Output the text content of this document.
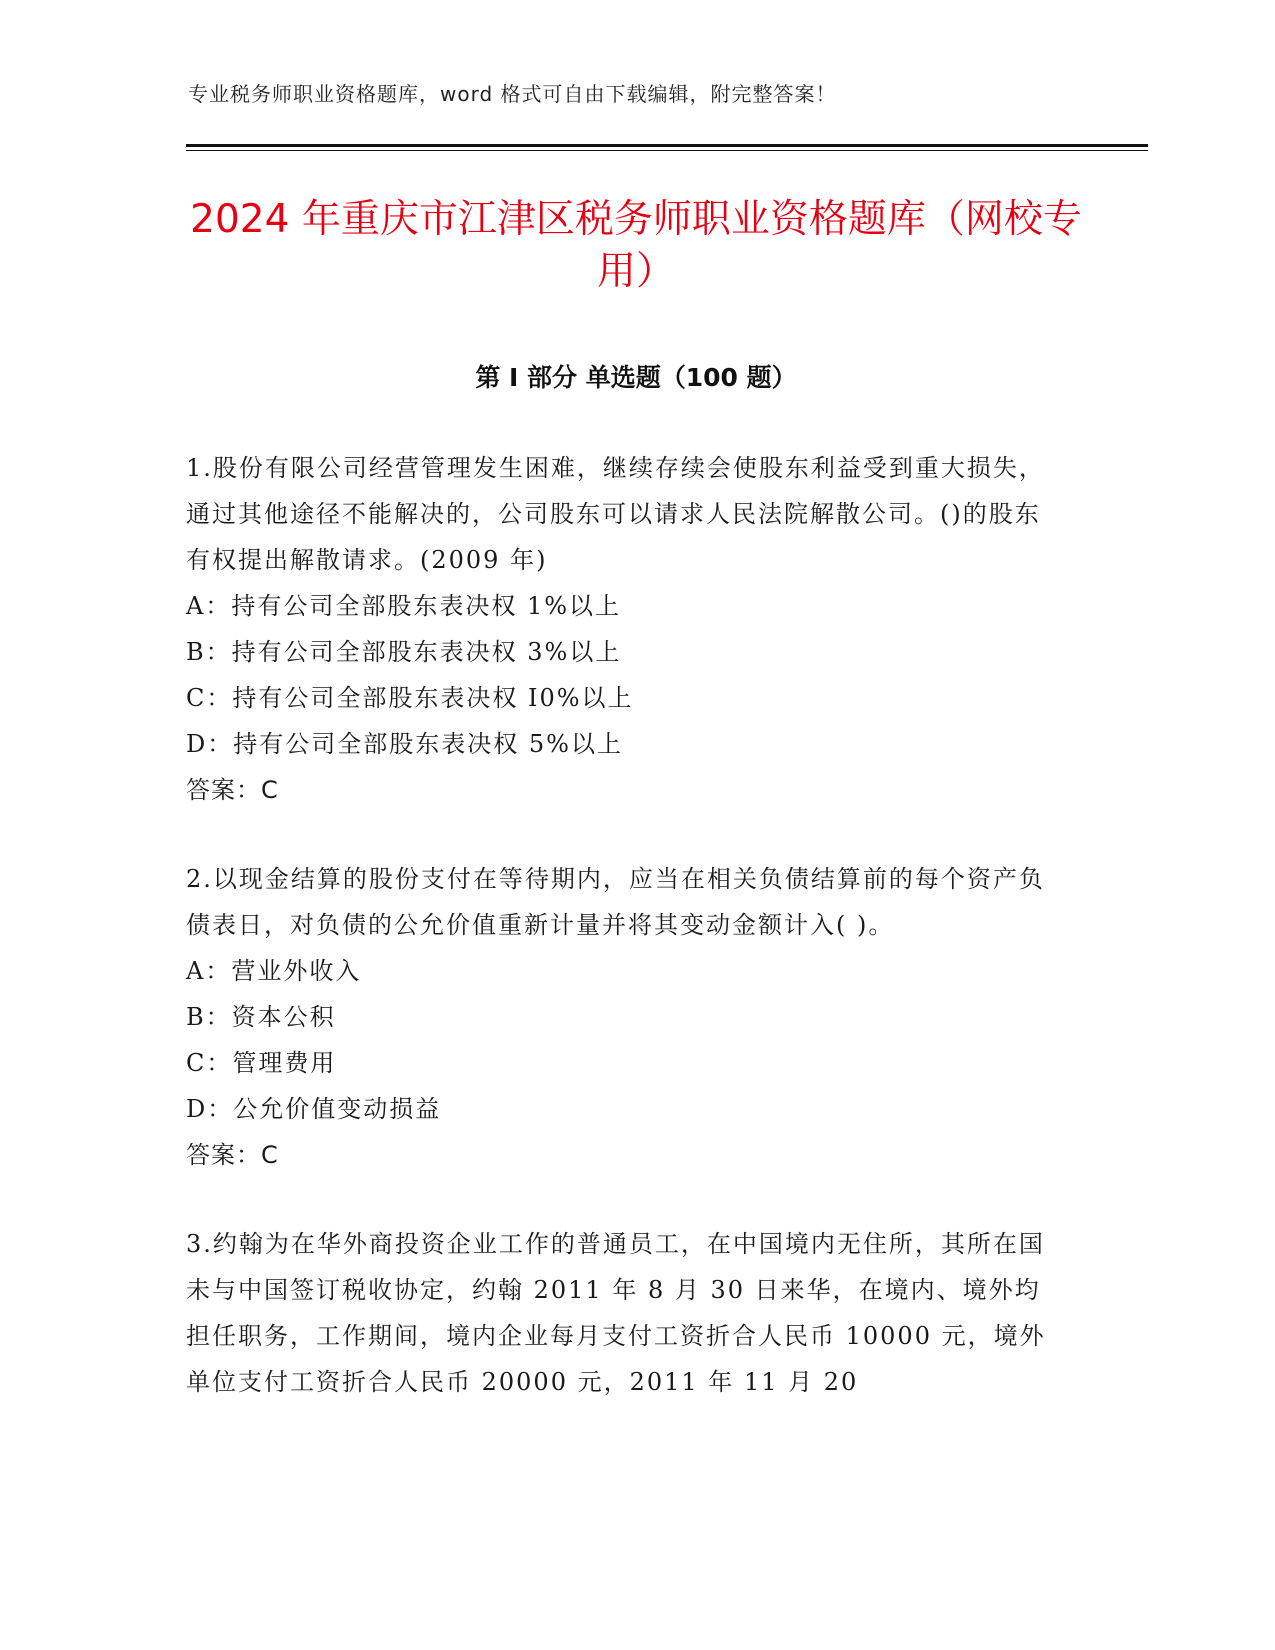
专业税务师职业资格题库，word 格式可自由下载编辑，附完整答案！
2024 年重庆市江津区税务师职业资格题库（网校专用）
第 I 部分 单选题（100 题）
1.股份有限公司经营管理发生困难，继续存续会使股东利益受到重大损失，通过其他途径不能解决的，公司股东可以请求人民法院解散公司。()的股东有权提出解散请求。(2009 年)
A：持有公司全部股东表决权 1%以上
B：持有公司全部股东表决权 3%以上
C：持有公司全部股东表决权 I0%以上
D：持有公司全部股东表决权 5%以上
答案：C
2.以现金结算的股份支付在等待期内，应当在相关负债结算前的每个资产负债表日，对负债的公允价值重新计量并将其变动金额计入( )。
A：营业外收入
B：资本公积
C：管理费用
D：公允价值变动损益
答案：C
3.约翰为在华外商投资企业工作的普通员工，在中国境内无住所，其所在国未与中国签订税收协定，约翰 2011 年 8 月 30 日来华，在境内、境外均担任职务，工作期间，境内企业每月支付工资折合人民币 10000 元，境外单位支付工资折合人民币 20000 元，2011 年 11 月 20
